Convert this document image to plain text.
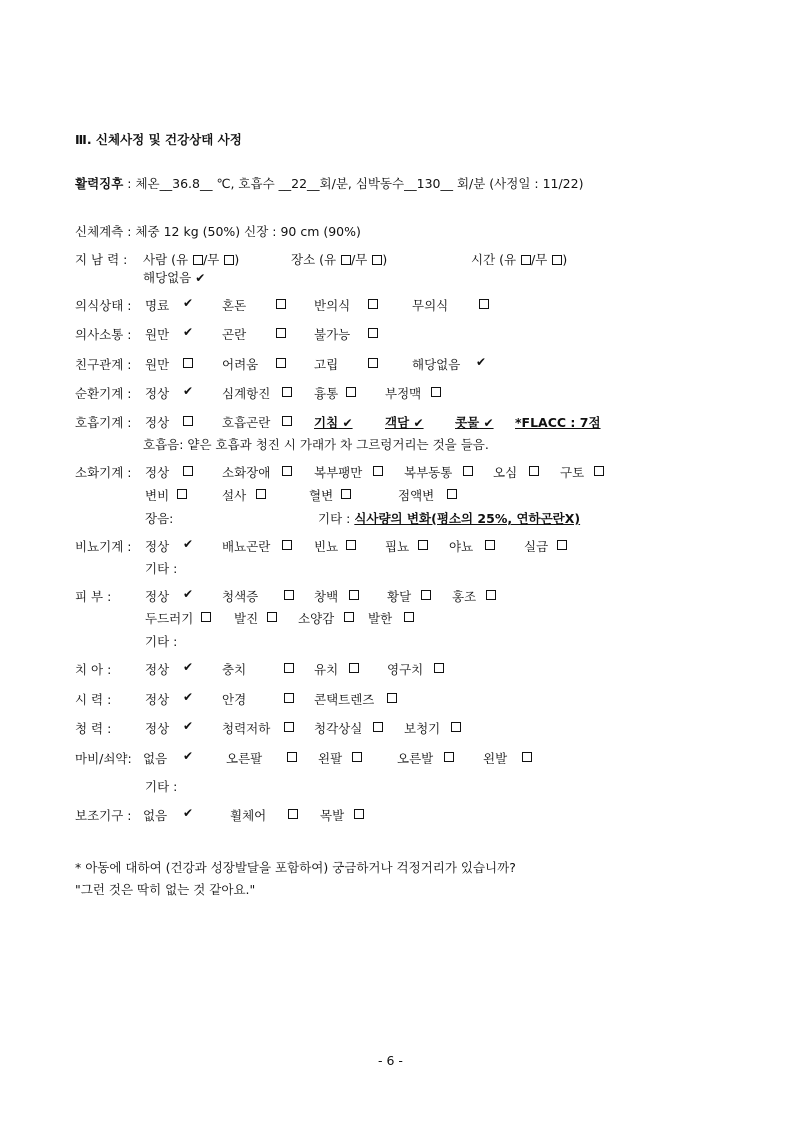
Ⅲ. 신체사정 및 건강상태 사정
활력징후 : 체온__36.8__ ℃, 호흡수 __22__회/분, 심박동수__130__ 회/분 (사정일 : 11/22)
신체계측 : 체중 12 kg (50%) 신장 : 90 cm (90%)
지 남 력 : 사람 (유 /무 )	장소 (유 /무 )	시간 (유 /무 )
해당없음 ✔
의식상태 : 명료 ✔ 혼돈	반의식	무의식
의사소통 : 원만 ✔ 곤란	불가능
친구관계 : 원만	어려움	고립	해당없음 ✔
순환기계 : 정상 ✔ 심계항진	흉통	부정맥
호흡기계 : 정상	호흡곤란	기침 ✔	객담 ✔	콧물 ✔ *FLACC : 7점
호흡음: 얕은 호흡과 청진 시 가래가 차 그르렁거리는 것을 들음.
소화기계 : 정상	소화장애	복부팽만	복부동통	오심	구토
변비	설사	혈변	점액변
장음:	기타 : 식사량의 변화(평소의 25%, 연하곤란X)
비뇨기계 : 정상 ✔ 배뇨곤란	빈뇨	핍뇨	야뇨	실금
기타 :
피 부 :	정상 ✔ 청색증	창백	황달	홍조
두드러기	발진	소양감	발한
기타 :
치 아 :	정상 ✔ 충치	유치	영구치
시 력 :	정상 ✔ 안경	콘택트렌즈
청 력 :	정상 ✔ 청력저하	청각상실	보청기
마비/쇠약: 없음 ✔	오른팔	왼팔	오른발	왼발
기타 :
보조기구 : 없음 ✔	휠체어	목발
* 아동에 대하여 (건강과 성장발달을 포함하여) 궁금하거나 걱정거리가 있습니까?
"그런 것은 딱히 없는 것 같아요."
- 6 -
